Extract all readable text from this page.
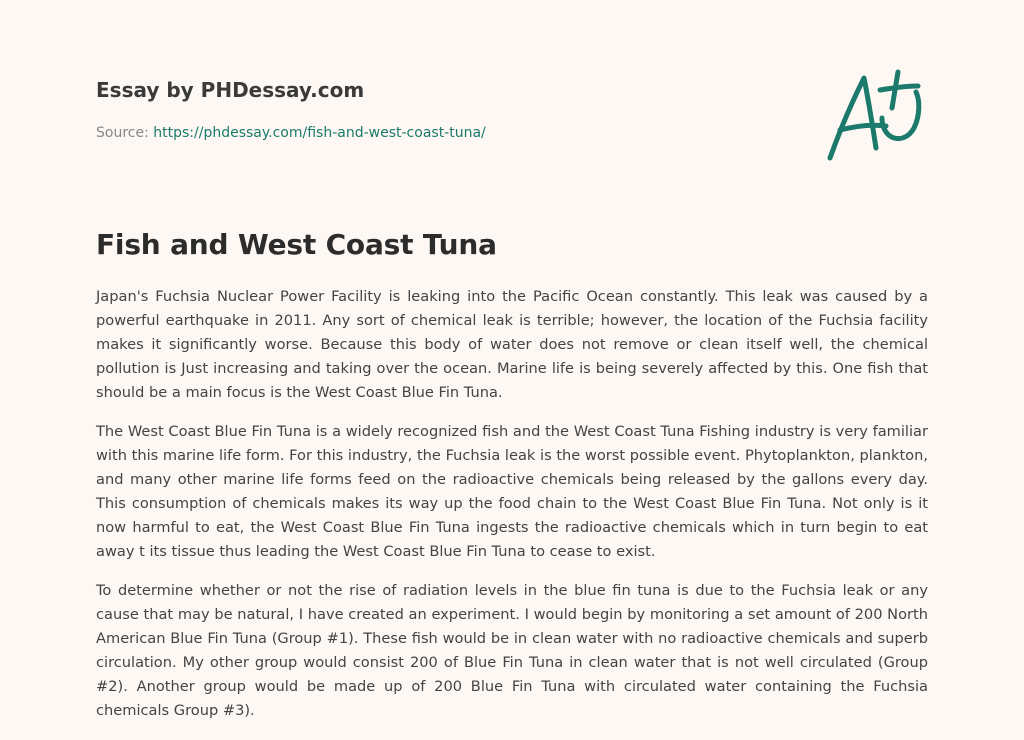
Essay by PHDessay.com
Source: https://phdessay.com/fish-and-west-coast-tuna/
Fish and West Coast Tuna

Japan's Fuchsia Nuclear Power Facility is leaking into the Pacific Ocean constantly. This leak was caused by a powerful earthquake in 2011. Any sort of chemical leak is terrible; however, the location of the Fuchsia facility makes it significantly worse. Because this body of water does not remove or clean itself well, the chemical pollution is Just increasing and taking over the ocean. Marine life is being severely affected by this. One fish that should be a main focus is the West Coast Blue Fin Tuna.

The West Coast Blue Fin Tuna is a widely recognized fish and the West Coast Tuna Fishing industry is very familiar with this marine life form. For this industry, the Fuchsia leak is the worst possible event. Phytoplankton, plankton, and many other marine life forms feed on the radioactive chemicals being released by the gallons every day. This consumption of chemicals makes its way up the food chain to the West Coast Blue Fin Tuna. Not only is it now harmful to eat, the West Coast Blue Fin Tuna ingests the radioactive chemicals which in turn begin to eat away t its tissue thus leading the West Coast Blue Fin Tuna to cease to exist.

To determine whether or not the rise of radiation levels in the blue fin tuna is due to the Fuchsia leak or any cause that may be natural, I have created an experiment. I would begin by monitoring a set amount of 200 North American Blue Fin Tuna (Group #1). These fish would be in clean water with no radioactive chemicals and superb circulation. My other group would consist 200 of Blue Fin Tuna in clean water that is not well circulated (Group #2). Another group would be made up of 200 Blue Fin Tuna with circulated water containing the Fuchsia chemicals Group #3).
